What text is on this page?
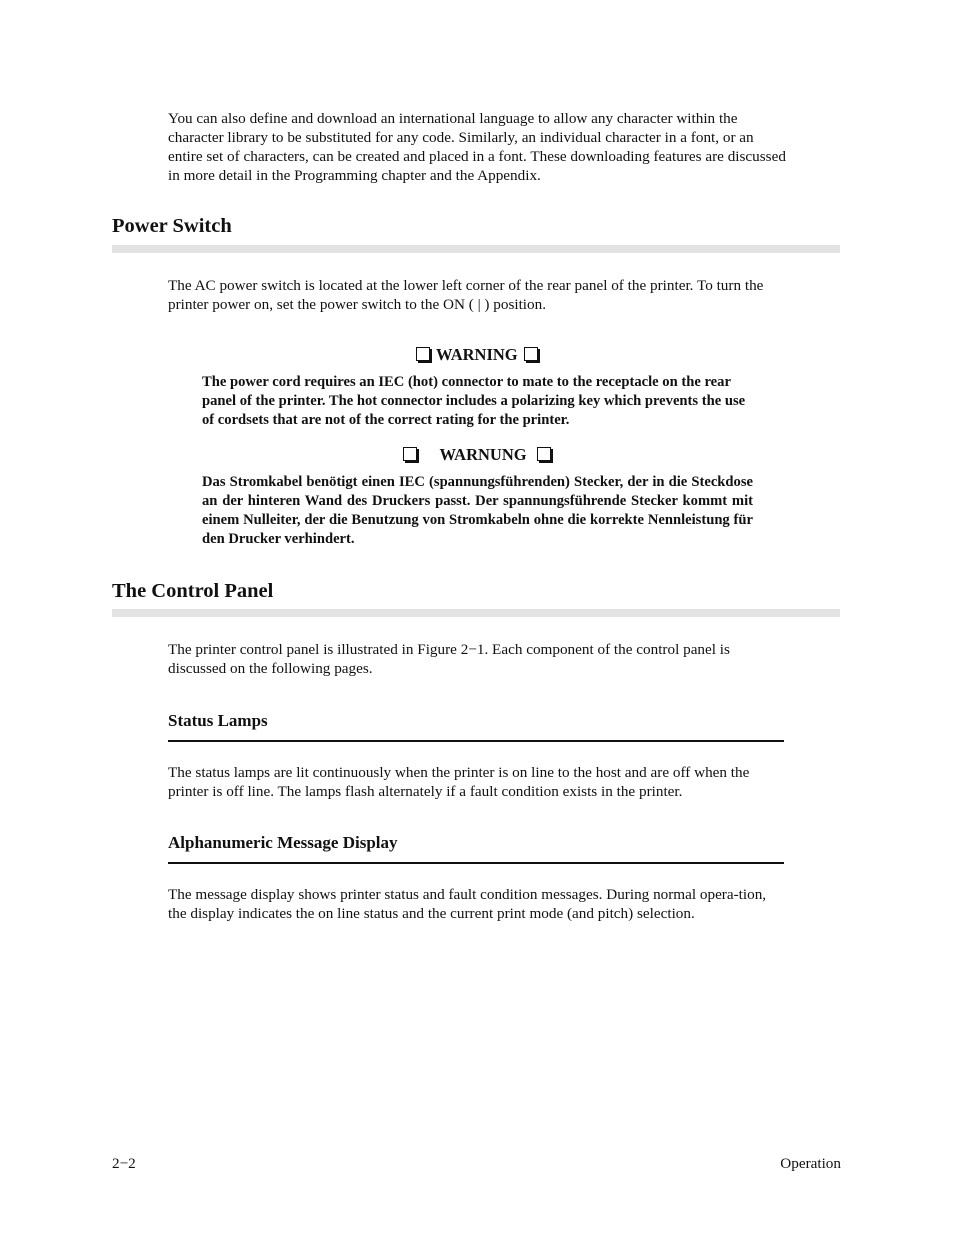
You can also define and download an international language to allow any character within the character library to be substituted for any code. Similarly, an individual character in a font, or an entire set of characters, can be created and placed in a font. These downloading features are discussed in more detail in the Programming chapter and the Appendix.

Power Switch

The AC power switch is located at the lower left corner of the rear panel of the printer. To turn the printer power on, set the power switch to the ON ( | ) position.

WARNING

The power cord requires an IEC (hot) connector to mate to the receptacle on the rear panel of the printer. The hot connector includes a polarizing key which prevents the use of cordsets that are not of the correct rating for the printer.

WARNUNG

Das Stromkabel benötigt einen IEC (spannungsführenden) Stecker, der in die Steckdose an der hinteren Wand des Druckers passt. Der spannungsführende Stecker kommt mit einem Nulleiter, der die Benutzung von Stromkabeln ohne die korrekte Nennleistung für den Drucker verhindert.

The Control Panel

The printer control panel is illustrated in Figure 2−1. Each component of the control panel is discussed on the following pages.

Status Lamps

The status lamps are lit continuously when the printer is on line to the host and are off when the printer is off line. The lamps flash alternately if a fault condition exists in the printer.

Alphanumeric Message Display

The message display shows printer status and fault condition messages. During normal opera-tion, the display indicates the on line status and the current print mode (and pitch) selection.

2−2	Operation
